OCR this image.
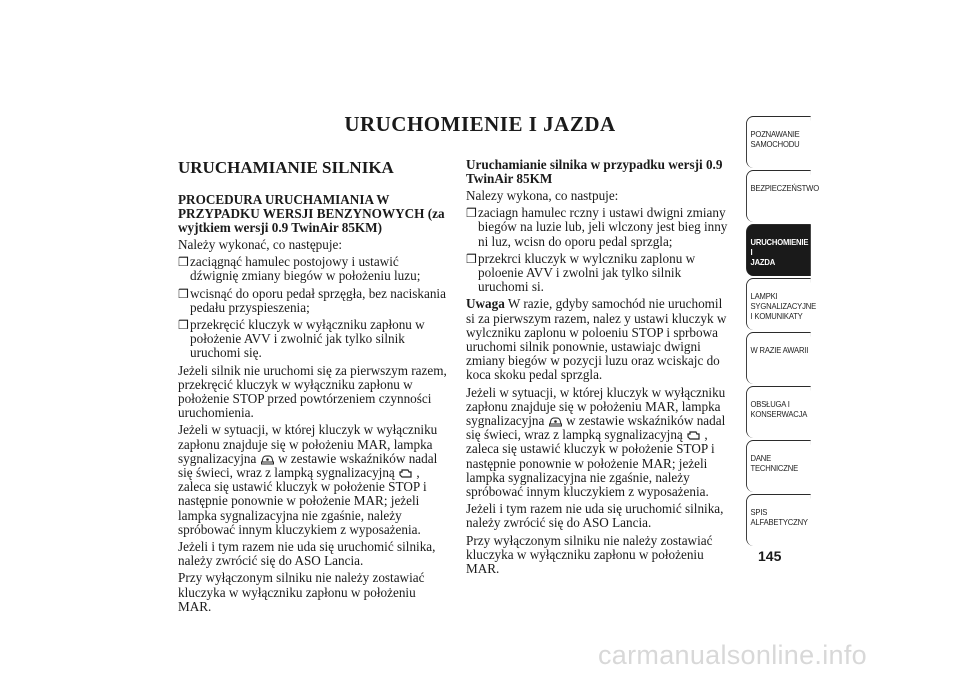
URUCHOMIENIE I JAZDA
URUCHAMIANIE SILNIKA
PROCEDURA URUCHAMIANIA W PRZYPADKU WERSJI BENZYNOWYCH (za wyjtkiem wersji 0.9 TwinAir 85KM)

Należy wykonać, co następuje:

❒ zaciągnąć hamulec postojowy i ustawić dźwignię zmiany biegów w położeniu luzu;
❒ wcisnąć do oporu pedał sprzęgła, bez naciskania pedału przyspieszenia;
❒ przekręcić kluczyk w wyłączniku zapłonu w położenie AVV i zwolnić jak tylko silnik uruchomi się.

Jeżeli silnik nie uruchomi się za pierwszym razem, przekręcić kluczyk w wyłączniku zapłonu w położenie STOP przed powtórzeniem czynności uruchomienia.

Jeżeli w sytuacji, w której kluczyk w wyłączniku zapłonu znajduje się w położeniu MAR, lampka sygnalizacyjna w zestawie wskaźników nadal się świeci, wraz z lampką sygnalizacyjną , zaleca się ustawić kluczyk w położenie STOP i następnie ponownie w położenie MAR; jeżeli lampka sygnalizacyjna nie zgaśnie, należy spróbować innym kluczykiem z wyposażenia.

Jeżeli i tym razem nie uda się uruchomić silnika, należy zwrócić się do ASO Lancia.

Przy wyłączonym silniku nie należy zostawiać kluczyka w wyłączniku zapłonu w położeniu MAR.

Uruchamianie silnika w przypadku wersji 0.9 TwinAir 85KM

Nalezy wykona, co nastpuje:

❒ zaciagn hamulec rczny i ustawi dwigni zmiany biegów na luzie lub, jeli wlczony jest bieg inny ni luz, wcisn do oporu pedal sprzgla;
❒ przekrci kluczyk w wylczniku zaplonu w poloenie AVV i zwolni jak tylko silnik uruchomi si.

Uwaga W razie, gdyby samochód nie uruchomil si za pierwszym razem, nalez y ustawi kluczyk w wylczniku zaplonu w poloeniu STOP i sprbowa uruchomi silnik ponownie, ustawiajc dwigni zmiany biegów w pozycji luzu oraz wciskajc do koca skoku pedal sprzgla.

Jeżeli w sytuacji, w której kluczyk w wyłączniku zapłonu znajduje się w położeniu MAR, lampka sygnalizacyjna w zestawie wskaźników nadal się świeci, wraz z lampką sygnalizacyjną , zaleca się ustawić kluczyk w położenie STOP i następnie ponownie w położenie MAR; jeżeli lampka sygnalizacyjna nie zgaśnie, należy spróbować innym kluczykiem z wyposażenia.

Jeżeli i tym razem nie uda się uruchomić silnika, należy zwrócić się do ASO Lancia.

Przy wyłączonym silniku nie należy zostawiać kluczyka w wyłączniku zapłonu w położeniu MAR.

POZNAWANIE
SAMOCHODU
BEZPIECZEŃSTWO
URUCHOMIENIE I
JAZDA
LAMPKI
SYGNALIZACYJNE
I KOMUNIKATY
W RAZIE AWARII
OBSŁUGA I
KONSERWACJA
DANE
TECHNICZNE
SPIS
ALFABETYCZNY
145
carmanualsonline.info
